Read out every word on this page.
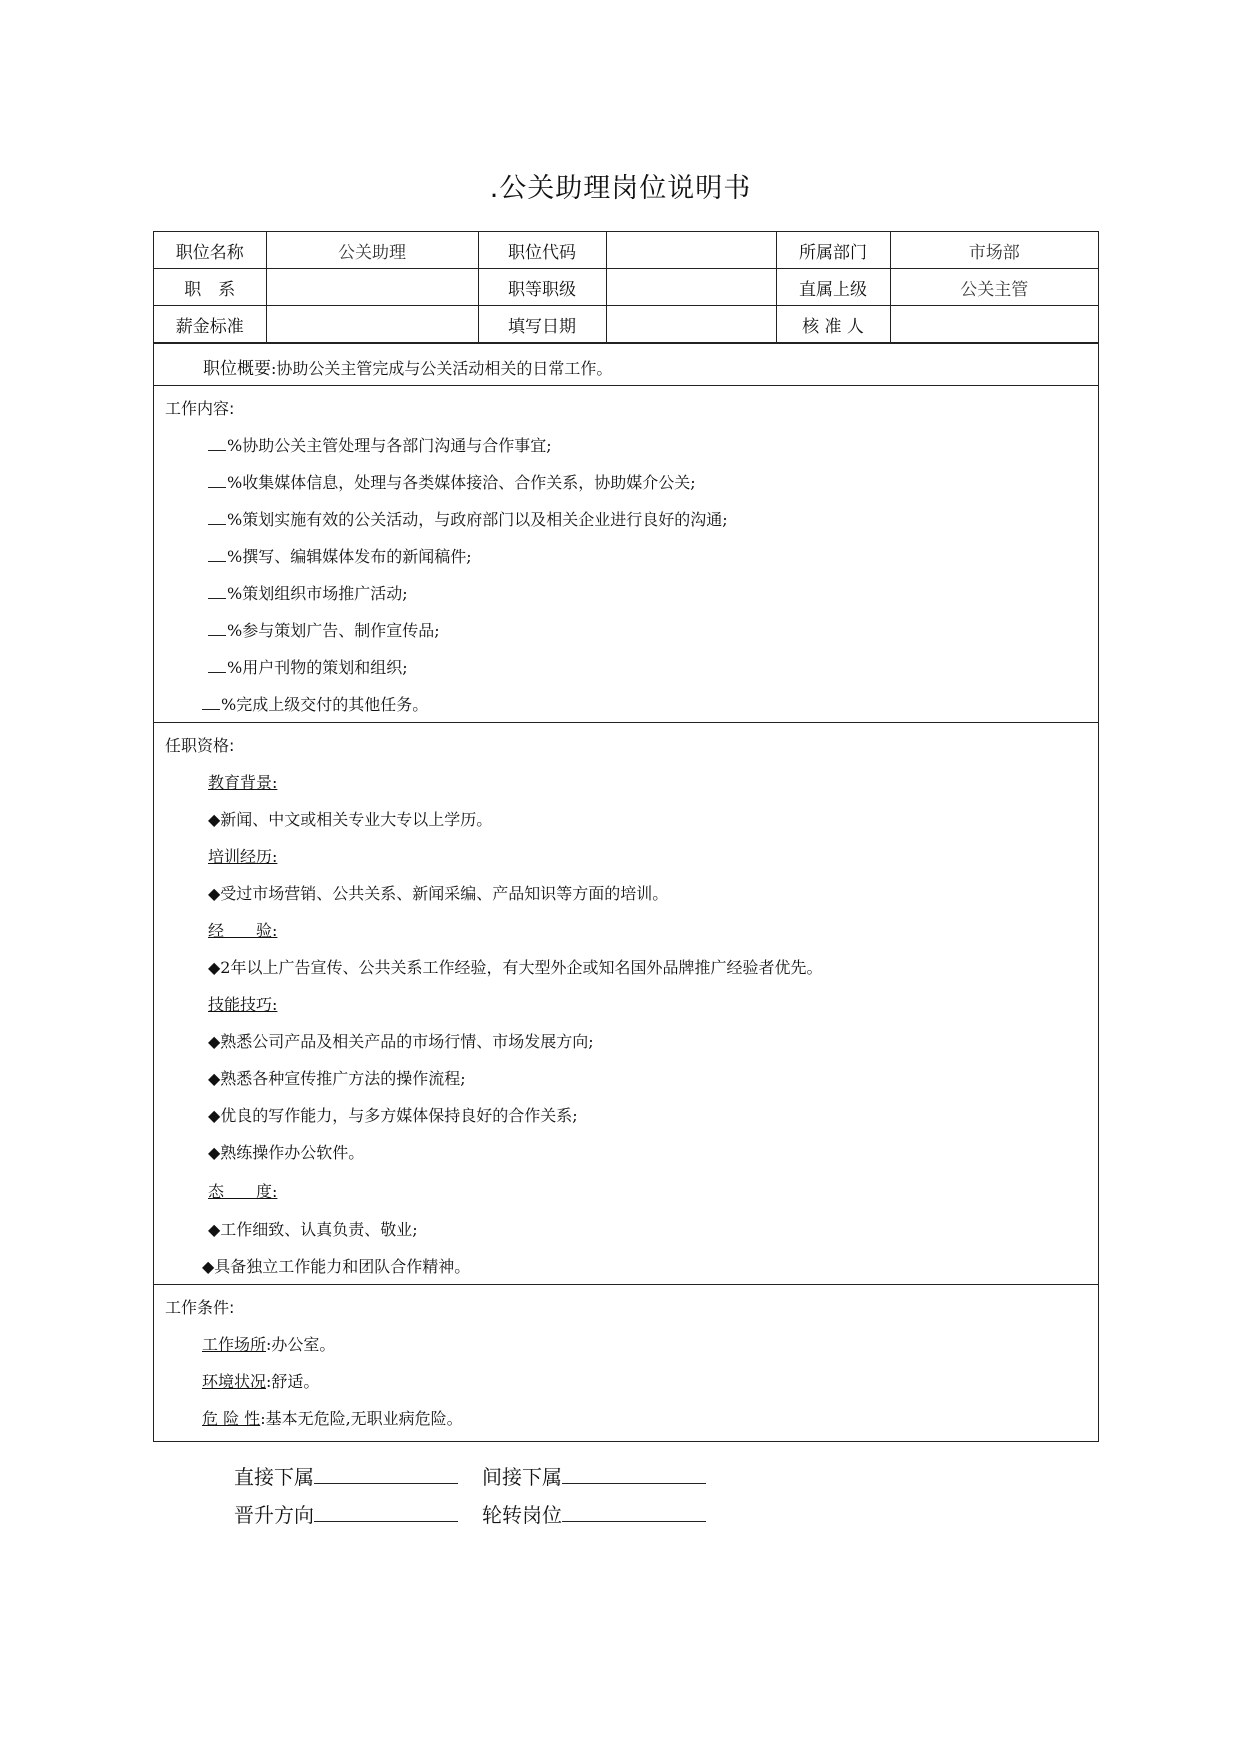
.公关助理岗位说明书
职位名称	公关助理	职位代码		所属部门	市场部
职　系		职等职级		直属上级	公关主管
薪金标准		填写日期		核 准 人	
职位概要:协助公关主管完成与公关活动相关的日常工作。
工作内容:
%协助公关主管处理与各部门沟通与合作事宜;
%收集媒体信息，处理与各类媒体接洽、合作关系，协助媒介公关;
%策划实施有效的公关活动，与政府部门以及相关企业进行良好的沟通;
%撰写、编辑媒体发布的新闻稿件;
%策划组织市场推广活动;
%参与策划广告、制作宣传品;
%用户刊物的策划和组织;
%完成上级交付的其他任务。
任职资格:
教育背景:
◆新闻、中文或相关专业大专以上学历。
培训经历:
◆受过市场营销、公共关系、新闻采编、产品知识等方面的培训。
经　　验:
◆2年以上广告宣传、公共关系工作经验，有大型外企或知名国外品牌推广经验者优先。
技能技巧:
◆熟悉公司产品及相关产品的市场行情、市场发展方向;
◆熟悉各种宣传推广方法的操作流程;
◆优良的写作能力，与多方媒体保持良好的合作关系;
◆熟练操作办公软件。
态　　度:
◆工作细致、认真负责、敬业;
◆具备独立工作能力和团队合作精神。
工作条件:
工作场所:办公室。
环境状况:舒适。
危 险 性:基本无危险,无职业病危险。
直接下属	间接下属
晋升方向	轮转岗位
